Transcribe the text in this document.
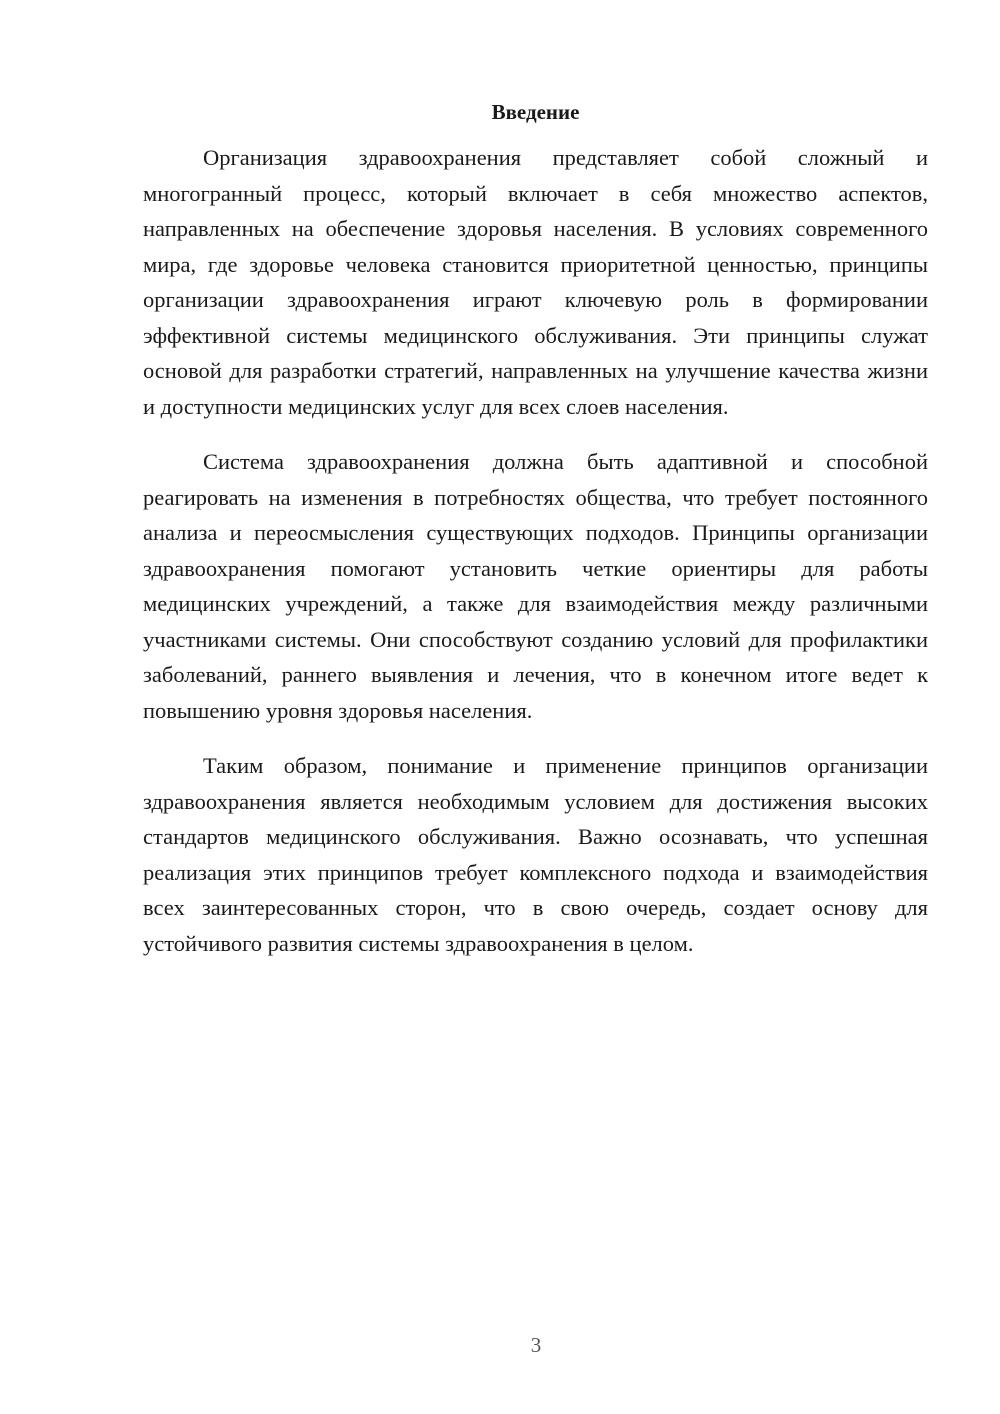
Введение

Организация здравоохранения представляет собой сложный и многогранный процесс, который включает в себя множество аспектов, направленных на обеспечение здоровья населения. В условиях современного мира, где здоровье человека становится приоритетной ценностью, принципы организации здравоохранения играют ключевую роль в формировании эффективной системы медицинского обслуживания. Эти принципы служат основой для разработки стратегий, направленных на улучшение качества жизни и доступности медицинских услуг для всех слоев населения.

Система здравоохранения должна быть адаптивной и способной реагировать на изменения в потребностях общества, что требует постоянного анализа и переосмысления существующих подходов. Принципы организации здравоохранения помогают установить четкие ориентиры для работы медицинских учреждений, а также для взаимодействия между различными участниками системы. Они способствуют созданию условий для профилактики заболеваний, раннего выявления и лечения, что в конечном итоге ведет к повышению уровня здоровья населения.

Таким образом, понимание и применение принципов организации здравоохранения является необходимым условием для достижения высоких стандартов медицинского обслуживания. Важно осознавать, что успешная реализация этих принципов требует комплексного подхода и взаимодействия всех заинтересованных сторон, что в свою очередь, создает основу для устойчивого развития системы здравоохранения в целом.

3
